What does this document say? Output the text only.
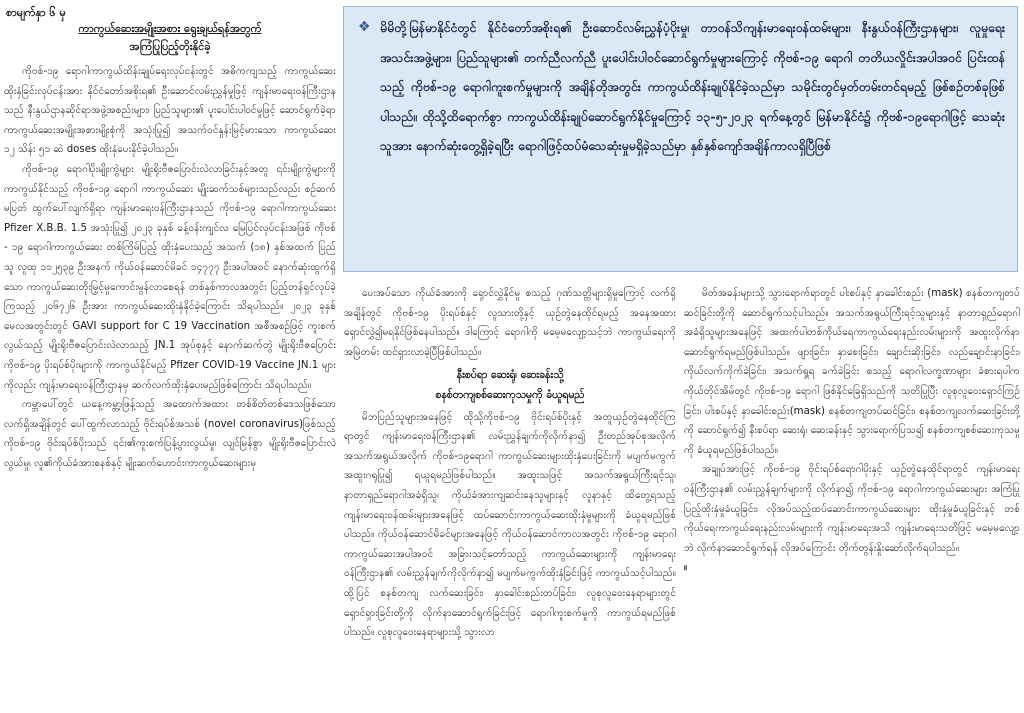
စာမျက်နှာ ၆ မှ
ကာကွယ်ဆေးအမျိုးအစား ရွေးချယ်ရန်အတွက်
အကြံပြုပြည့်တိုးနိုင်ခဲ့

ကိုဗစ်-၁၉ ရောဂါကာကွယ်ထိန်းချုပ်ရေးလုပ်ငန်းတွင် အဓိကကျသည့် ကာကွယ်ဆေးထိုးနှံခြင်းလုပ်ငန်းအား နိုင်ငံတော်အစိုးရ၏ ဦးဆောင်လမ်းညွှန်မှုဖြင့် ကျန်းမာရေးဝန်ကြီးဌာနသည် နီးနွယ်ဌာနဆိုင်ရာအဖွဲ့အစည်းများ၊ ပြည်သူများ၏ ပူးပေါင်းပါဝင်မှုဖြင့် ဆောင်ရွက်ခဲ့ရာ ကာကွယ်ဆေးအမျိုးအစားမျိုးစုံကို အသုံးပြု၍ အသက်ဝင်နှုန်းမြင့်မားသော ကာကွယ်ဆေး ၁၂ သိန်း ၅၁ ဆဲ doses ထိုးနှံပေးနိုင်ခဲ့ပါသည်။

ကိုဗစ်-၁၉ ရောဂါပိုးမျိုးကွဲများ မျိုးရိုးဗီဇပြောင်းလဲလာခြင်းနှင့်အတူ ၎င်းမျိုးကွဲများကို ကာကွယ်နိုင်သည့် ကိုဗစ်-၁၉ ရောဂါ ကာကွယ်ဆေး မျိုးဆက်သစ်များသည်လည်း စဉ်ဆက်မပြတ် ထွက်ပေါ်လျက်ရှိရာ ကျန်းမာရေးဝန်ကြီးဌာနသည် ကိုဗစ်-၁၉ ရောဂါကာကွယ်ဆေး Pfizer X.B.B. 1.5 အသုံးပြု၍ ၂၀၂၃ ခုနှစ် ခန့်ဝန်းကျင်လ မြေပြင်လုပ်ငန်းအဖြစ် ကိုဗစ် - ၁၉ ရောဂါကာကွယ်ဆေး တစ်ကြိမ်ပြည့် ထိုးနှံပေးသည့် အသက် (၁၈) နှစ်အထက် ပြည်သူ လူထု ၁၁၂၅၃၉ ဦးအနက် ကိုယ်ဝန်ဆောင်မိခင် ၁၄၇၇၇ ဦးအပါအဝင် နောက်ဆုံးထွက်ရှိသော ကာကွယ်ဆေးတိုးမြှင့်မှုကောင်းမွန်လာစေရန် တစ်နှစ်ကာလအတွင်း ပြည့်တန်ရှင်လုပ်ခဲ့ကြသည့် ၂၀၆၇၂၆ ဦးအား ကာကွယ်ဆေးထိုးနှံနိုင်ခဲ့ကြောင်း သိရပါသည်။ ၂၀၂၃ ခုနှစ် မေလအတွင်းတွင် GAVI support for C 19 Vaccination အစီအစဉ်ဖြင့် ကူးစက်လွယ်သည့် မျိုးရိုးဗီဇပြောင်းလဲလာသည့် JN.1 အုပ်စုနှင့် နောက်ဆက်တွဲ မျိုးရိုးဗီဇပြောင်း ကိုဗစ်-၁၉ ပိုးရပ်စ်ပိုးများကို ကာကွယ်နိုင်မည့် Pfizer COVID-19 Vaccine JN.1 များ ကိုလည်း ကျန်းမာရေးဝန်ကြီးဌာနမှ ဆက်လက်ထိုးနှံပေးမည်ဖြစ်ကြောင်း သိရပါသည်။

ကမ္ဘာပေါ်တွင် ယနေ့ကမ္ဘာ့ဖြန့်သည့် အထောက်အထား တစ်စိတ်တစ်ဒေသဖြစ်သော လက်ရှိအချိန်တွင် ပေါ်ထွက်လာသည့် ဗိုင်းရပ်စ်အသစ် (novel coronavirus)ဖြစ်သည့် ကိုဗစ်-၁၉ ဗိုင်းရပ်စ်ပိုးသည် ၎င်း၏ကူးစက်ပြန့်ပွားလွယ်မှု၊ လျင်မြန်စွာ မျိုးရိုးဗီဇပြောင်းလဲလွယ်မှု၊ လူ၏ကိုယ်ခံအားစနစ်နှင့် မျိုးဆက်ဟောင်းကာကွယ်ဆေးများမှ

❖ မိမိတို့မြန်မာနိုင်ငံတွင် နိုင်ငံတော်အစိုးရ၏ ဦးဆောင်လမ်းညွှန်ပံ့ပိုးမှု၊ တာဝန်သိကျန်းမာရေးဝန်ထမ်းများ၊ နီးနွယ်ဝန်ကြီးဌာနများ၊ လူမှုရေးအသင်းအဖွဲ့များ၊ ပြည်သူများ၏ တက်ညီလက်ညီ ပူးပေါင်းပါဝင်ဆောင်ရွက်မှုများကြောင့် ကိုဗစ်-၁၉ ရောဂါ တတိယလှိုင်းအပါအဝင် ပြင်းထန်သည့် ကိုဗစ်-၁၉ ရောဂါကူးစက်မှုများကို အချိန်တိုအတွင်း ကာကွယ်ထိန်းချုပ်နိုင်ခဲ့သည်မှာ သမိုင်းတွင်မှတ်တမ်းတင်ရမည့် ဖြစ်စဉ်တစ်ခုဖြစ်ပါသည်။ ထိုသို့ထိရောက်စွာ ကာကွယ်ထိန်းချုပ်ဆောင်ရွက်နိုင်မှုကြောင့် ၁၃-၅-၂၀၂၃ ရက်နေ့တွင် မြန်မာနိုင်ငံ၌ ကိုဗစ်-၁၉ရောဂါဖြင့် သေဆုံးသူအား နောက်ဆုံးတွေ့ရှိခဲ့ရပြီး ရောဂါဖြင့်ထပ်မံသေဆုံးမှုမရှိခဲ့သည်မှာ နှစ်နှစ်ကျော်အချိန်ကာလရှိပြီဖြစ်

ပေးအပ်သော ကိုယ်ခံအားကို ရှောင်လွှဲနိုင်မှု စသည့် ဂုဏ်သတ္တိများရှိမှုကြောင့် လက်ရှိအချိန်တွင် ကိုဗစ်-၁၉ ပိုးရပ်စ်နှင့် လူသားတို့နှင့် ယှဉ်တွဲနေထိုင်ရမည့် အနေအထား ရှောင်လွှဲ၍မရနိုင်ဖြစ်နေပါသည်။ ဒါကြောင့် ရောဂါကို မမေ့မလျော့သင့်ဘဲ ကာကွယ်ရေးကို အမြဲတမ်း ထင်ရှားလာခဲ့ပြီဖြစ်ပါသည်။

နီးစပ်ရာ ဆေးရုံ၊ ဆေးခန်းသို့
စနစ်တကျစစ်ဆေးကုသမှုကို ခံယူရမည်

မိဘပြည်သူများအနေဖြင့် ထိုသို့ကိုဗစ်-၁၉ ဗိုင်းရပ်စ်ပိုးနှင့် အတူယှဉ်တွဲနေထိုင်ကြရာတွင် ကျန်းမာရေးဝန်ကြီးဌာန၏ လမ်းညွှန်ချက်ကိုလိုက်နာ၍ ဦးတည်အုပ်စုအလိုက် အသက်အရွယ်အလိုက် ကိုဗစ်-၁၉ရောဂါ ကာကွယ်ဆေးများထိုးနှံပေးခြင်းကို မပျက်မကွက်အထူးဂရုပြု၍ ရယူရမည်ဖြစ်ပါသည်။ အထူးသဖြင့် အသက်အရွယ်ကြီးရင့်သူ၊ နာတာရှည်ရောဂါအခံရှိသူ၊ ကိုယ်ခံအားကျဆင်းနေသူများနှင့် လူနာနှင့် ထိတွေ့ရသည့် ကျန်းမာရေးဝန်ထမ်းများအနေဖြင့် ထပ်ဆောင်းကာကွယ်ဆေးထိုးနှံမှုများကို ခံယူရမည်ဖြစ်ပါသည်။ ကိုယ်ဝန်ဆောင်မိခင်များအနေဖြင့် ကိုယ်ဝန်ဆောင်ကာလအတွင်း ကိုဗစ်-၁၉ ရောဂါကာကွယ်ဆေးအပါအဝင် အခြားသင့်တော်သည့် ကာကွယ်ဆေးများကို ကျန်းမာရေးဝန်ကြီးဌာန၏ လမ်းညွှန်ချက်ကိုလိုက်နာ၍ မပျက်မကွက်ထိုးနှံခြင်းဖြင့် ကာကွယ်သင့်ပါသည်။ ထို့ပြင် စနစ်တကျ လက်ဆေးခြင်း၊ နှာခေါင်းစည်းတပ်ခြင်း၊ လူစုလူဝေးနေရာများတွင် ရှောင်ရှားခြင်းတို့ကို လိုက်နာဆောင်ရွက်ခြင်းဖြင့် ရောဂါကူးစက်မှုကို ကာကွယ်ရမည်ဖြစ်ပါသည်။ လူစုလူဝေးနေရာများသို့ သွားလာ

မိတ်အခန်းများသို့ သွားရောက်ရာတွင် ပါးစပ်နှင့် နှာခေါင်းစည်း (mask) စနစ်တကျတပ်ဆင်ခြင်းတို့ကို ဆောင်ရွက်သင့်ပါသည်။ အသက်အရွယ်ကြီးရင့်သူများနှင့် နာတာရှည်ရောဂါအခံရှိသူများအနေဖြင့် အထက်ပါတစ်ကိုယ်ရေကာကွယ်ရေးနည်းလမ်းများကို အထူးလိုက်နာဆောင်ရွက်ရမည်ဖြစ်ပါသည်။ ဖျားခြင်း၊ နှာစေးခြင်း၊ ချောင်းဆိုးခြင်း၊ လည်ချောင်းနာခြင်း၊ ကိုယ်လက်ကိုက်ခဲခြင်း၊ အသက်ရှူရ ခက်ခဲခြင်း စသည့် ရောဂါလက္ခဏာများ ခံစားရပါက ကိုယ်တိုင်အိမ်တွင် ကိုဗစ်-၁၉ ရောဂါ ဖြစ်နိုင်ခြေရှိသည်ကို သတိပြုပြီး လူစုလူဝေးရှောင်ကြဉ်ခြင်း၊ ပါးစပ်နှင့် နှာခေါင်းစည်း(mask) စနစ်တကျတပ်ဆင်ခြင်း၊ စနစ်တကျလက်ဆေးခြင်းတို့ကို ဆောင်ရွက်၍ နီးစပ်ရာ ဆေးရုံ၊ ဆေးခန်းနှင့် သွားရောက်ပြသ၍ စနစ်တကျစစ်ဆေးကုသမှုကို ခံယူရမည်ဖြစ်ပါသည်။

အချုပ်အားဖြင့် ကိုဗစ်-၁၉ ဗိုင်းရပ်စ်ရောဂါပိုးနှင့် ယှဉ်တွဲနေထိုင်ရာတွင် ကျန်းမာရေးဝန်ကြီးဌာန၏ လမ်းညွှန်ချက်များကို လိုက်နာ၍ ကိုဗစ်-၁၉ ရောဂါကာကွယ်ဆေးများ အကြံပြုပြည့်ထိုးနှံမှုခံယူခြင်း၊ လိုအပ်သည့်ထပ်ဆောင်းကာကွယ်ဆေးများ ထိုးနှံမှုခံယူခြင်းနှင့် တစ်ကိုယ်ရေကာကွယ်ရေးနည်းလမ်းများကို ကျန်းမာရေးအသိ ကျန်းမာရေးသတိဖြင့် မမေ့မလျော့ဘဲ လိုက်နာဆောင်ရွက်ရန် လိုအပ်ကြောင်း တိုက်တွန်းနှိုးဆော်လိုက်ရပါသည်။

။
